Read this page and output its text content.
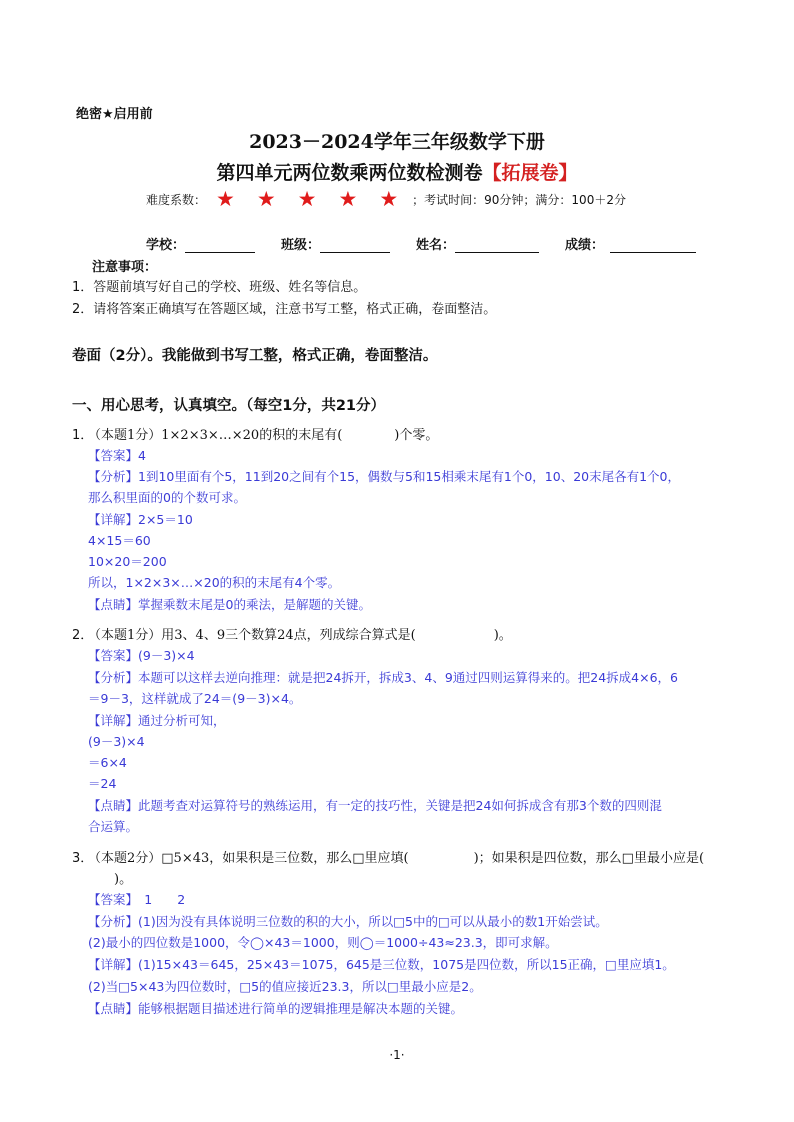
绝密★启用前
2023－2024学年三年级数学下册
第四单元两位数乘两位数检测卷【拓展卷】
难度系数： ★ ★ ★ ★ ★ ；考试时间：90分钟；满分：100＋2分
学校：	班级：	姓名：	成绩：
注意事项：
1．答题前填写好自己的学校、班级、姓名等信息。
2．请将答案正确填写在答题区域，注意书写工整，格式正确，卷面整洁。
卷面（2分）。我能做到书写工整，格式正确，卷面整洁。
一、用心思考，认真填空。（每空1分，共21分）
1．（本题1分）1×2×3×…×20的积的末尾有(　　　　)个零。
【答案】4
【分析】1到10里面有个5，11到20之间有个15，偶数与5和15相乘末尾有1个0，10、20末尾各有1个0，
那么积里面的0的个数可求。
【详解】2×5＝10
4×15＝60
10×20＝200
所以，1×2×3×…×20的积的末尾有4个零。
【点睛】掌握乘数末尾是0的乘法，是解题的关键。
2．（本题1分）用3、4、9三个数算24点，列成综合算式是(　　　　　　)。
【答案】(9－3)×4
【分析】本题可以这样去逆向推理：就是把24拆开，拆成3、4、9通过四则运算得来的。把24拆成4×6，6
＝9－3，这样就成了24＝(9－3)×4。
【详解】通过分析可知，
(9－3)×4
＝6×4
＝24
【点睛】此题考查对运算符号的熟练运用，有一定的技巧性，关键是把24如何拆成含有那3个数的四则混
合运算。
3．（本题2分）□5×43，如果积是三位数，那么□里应填(　　　　　)；如果积是四位数，那么□里最小应是(
　　)。
【答案】　1　　2
【分析】(1)因为没有具体说明三位数的积的大小，所以□5中的□可以从最小的数1开始尝试。
(2)最小的四位数是1000，令◯×43＝1000，则◯＝1000÷43≈23.3，即可求解。
【详解】(1)15×43＝645，25×43＝1075，645是三位数，1075是四位数，所以15正确，□里应填1。
(2)当□5×43为四位数时，□5的值应接近23.3，所以□里最小应是2。
【点睛】能够根据题目描述进行简单的逻辑推理是解决本题的关键。
·1·
